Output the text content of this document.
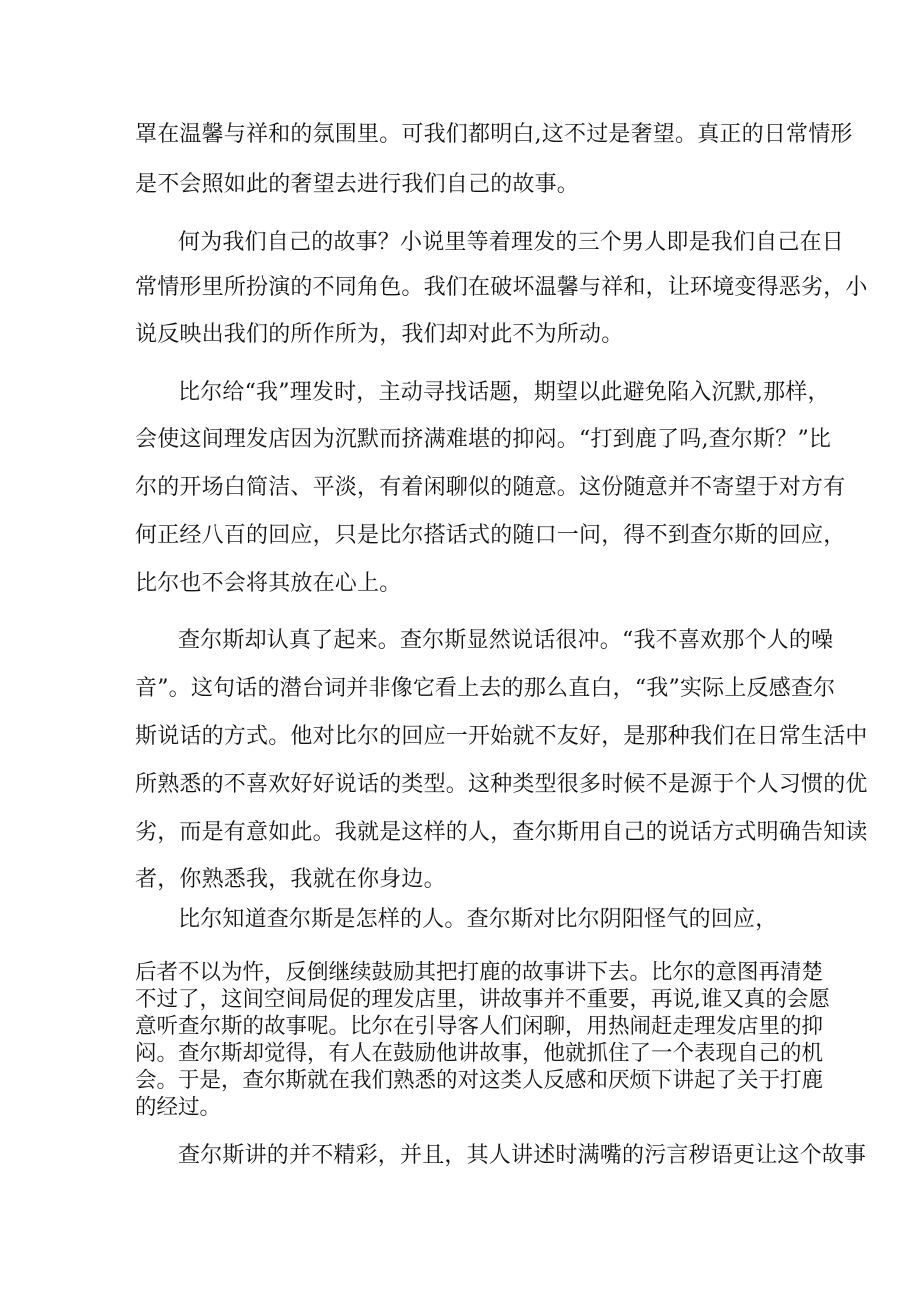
罩在温馨与祥和的氛围里。可我们都明白,这不过是奢望。真正的日常情形
是不会照如此的奢望去进行我们自己的故事。
何为我们自己的故事？小说里等着理发的三个男人即是我们自己在日
常情形里所扮演的不同角色。我们在破坏温馨与祥和，让环境变得恶劣，小
说反映出我们的所作所为，我们却对此不为所动。
比尔给“我”理发时，主动寻找话题，期望以此避免陷入沉默,那样，
会使这间理发店因为沉默而挤满难堪的抑闷。“打到鹿了吗,查尔斯？”比
尔的开场白简洁、平淡，有着闲聊似的随意。这份随意并不寄望于对方有
何正经八百的回应，只是比尔搭话式的随口一问，得不到查尔斯的回应，
比尔也不会将其放在心上。
查尔斯却认真了起来。查尔斯显然说话很冲。“我不喜欢那个人的噪
音”。这句话的潜台词并非像它看上去的那么直白，“我”实际上反感查尔
斯说话的方式。他对比尔的回应一开始就不友好，是那种我们在日常生活中
所熟悉的不喜欢好好说话的类型。这种类型很多时候不是源于个人习惯的优
劣，而是有意如此。我就是这样的人，查尔斯用自己的说话方式明确告知读
者，你熟悉我，我就在你身边。
比尔知道查尔斯是怎样的人。查尔斯对比尔阴阳怪气的回应，
后者不以为忤，反倒继续鼓励其把打鹿的故事讲下去。比尔的意图再清楚
不过了，这间空间局促的理发店里，讲故事并不重要，再说,谁又真的会愿
意听查尔斯的故事呢。比尔在引导客人们闲聊，用热闹赶走理发店里的抑
闷。查尔斯却觉得，有人在鼓励他讲故事，他就抓住了一个表现自己的机
会。于是，查尔斯就在我们熟悉的对这类人反感和厌烦下讲起了关于打鹿
的经过。
查尔斯讲的并不精彩，并且，其人讲述时满嘴的污言秽语更让这个故事
